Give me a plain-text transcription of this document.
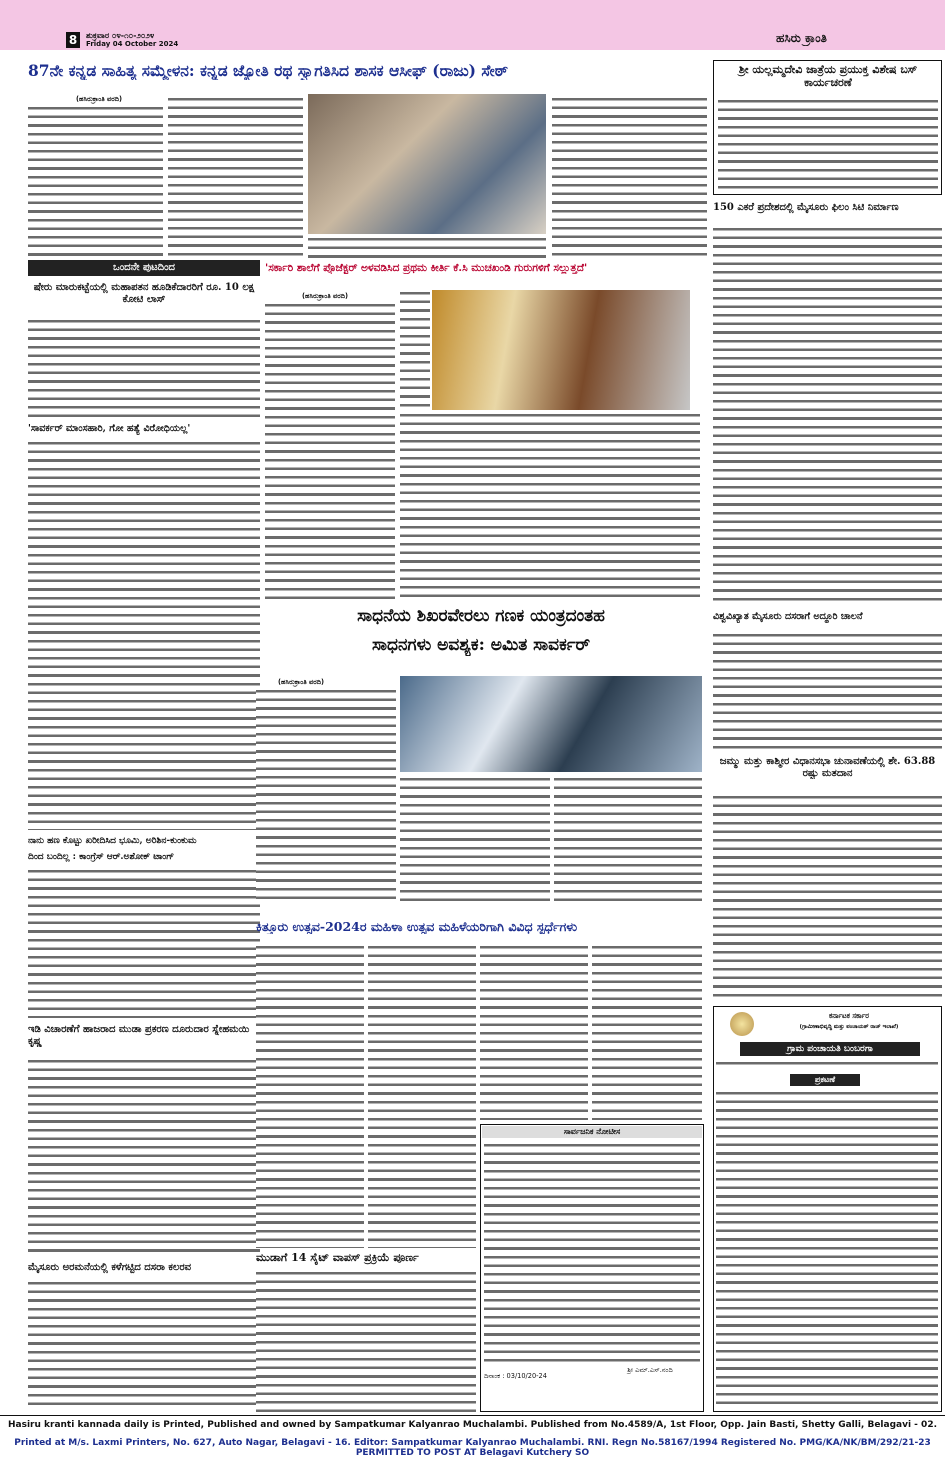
8	ಶುಕ್ರವಾರ ೦೪-೧೦-೨೦೨೪
Friday 04 October 2024	ಹಸಿರು ಕ್ರಾಂತಿ
87ನೇ ಕನ್ನಡ ಸಾಹಿತ್ಯ ಸಮ್ಮೇಳನ: ಕನ್ನಡ ಜ್ಯೋತಿ ರಥ ಸ್ವಾಗತಿಸಿದ ಶಾಸಕ ಆಸೀಫ್ (ರಾಜು) ಸೇಠ್
(ಹಸಿರುಕ್ರಾಂತಿ ವರದಿ)
ಶ್ರೀ ಯಲ್ಲಮ್ಮದೇವಿ ಜಾತ್ರೆಯ ಪ್ರಯುಕ್ತ ವಿಶೇಷ ಬಸ್ ಕಾರ್ಯಚರಣೆ
150 ಎಕರೆ ಪ್ರದೇಶದಲ್ಲಿ ಮೈಸೂರು ಫಿಲಂ ಸಿಟಿ ನಿರ್ಮಾಣ
ಒಂದನೇ ಪುಟದಿಂದ
ಷೇರು ಮಾರುಕಟ್ಟೆಯಲ್ಲಿ ಮಹಾಪತನ ಹೂಡಿಕೆದಾರರಿಗೆ ರೂ. 10 ಲಕ್ಷ ಕೋಟಿ ಲಾಸ್
'ಸಾವರ್ಕರ್ ಮಾಂಸಹಾರಿ, ಗೋ ಹತ್ಯೆ ವಿರೋಧಿಯಲ್ಲ'
ನಾನು ಹಣ ಕೊಟ್ಟು ಖರೀದಿಸಿದ ಭೂಮಿ, ಅರಿಶಿನ-ಕುಂಕುಮ
ದಿಂದ ಬಂದಿಲ್ಲ : ಕಾಂಗ್ರೆಸ್ ಆರ್.ಅಶೋಕ್ ಟಾಂಗ್
ಇಡಿ ವಿಚಾರಣೆಗೆ ಹಾಜರಾದ ಮುಡಾ ಪ್ರಕರಣ ದೂರುದಾರ ಸ್ನೇಹಮಯಿ ಕೃಷ್ಣ
ಮೈಸೂರು ಅರಮನೆಯಲ್ಲಿ ಕಳೆಗಟ್ಟಿದ ದಸರಾ ಕಲರವ
'ಸರ್ಕಾರಿ ಶಾಲೆಗೆ ಪ್ರೊಜೆಕ್ಟರ್ ಅಳವಡಿಸಿದ ಪ್ರಥಮ ಕೀರ್ತಿ ಕೆ.ಸಿ ಮುಚಖಂಡಿ ಗುರುಗಳಿಗೆ ಸಲ್ಲುತ್ತದೆ'
(ಹಸಿರುಕ್ರಾಂತಿ ವರದಿ)
ಸಾಧನೆಯ ಶಿಖರವೇರಲು ಗಣಕ ಯಂತ್ರದಂತಹ
ಸಾಧನಗಳು ಅವಶ್ಯಕ: ಅಮಿತ ಸಾವರ್ಕರ್
(ಹಸಿರುಕ್ರಾಂತಿ ವರದಿ)
ವಿಶ್ವವಿಖ್ಯಾತ ಮೈಸೂರು ದಸರಾಗೆ ಅದ್ಧೂರಿ ಚಾಲನೆ
ಜಮ್ಮು ಮತ್ತು ಕಾಶ್ಮೀರ ವಿಧಾನಸಭಾ ಚುನಾವಣೆಯಲ್ಲಿ ಶೇ. 63.88 ರಷ್ಟು ಮತದಾನ
ಕಿತ್ತೂರು ಉತ್ಸವ-2024ರ ಮಹಿಳಾ ಉತ್ಸವ ಮಹಿಳೆಯರಿಗಾಗಿ ವಿವಿಧ ಸ್ಪರ್ಧೆಗಳು
ಮುಡಾಗೆ 14 ಸೈಟ್ ವಾಪಸ್ ಪ್ರಕ್ರಿಯೆ ಪೂರ್ಣ
ಸಾರ್ವಜನಿಕ ನೋಟೀಸ
ದಿನಾಂಕ : 03/10/20-24
ಶ್ರೀ ಎಮ್.ಎಸ್.ನಂದಿ
ಕರ್ನಾಟಕ ಸರ್ಕಾರ
(ಗ್ರಾಮೀಣಾಭಿವೃದ್ಧಿ ಮತ್ತು ಪಂಚಾಯತ್ ರಾಜ್ ಇಲಾಖೆ)
ಗ್ರಾಮ ಪಂಚಾಯತಿ ಬಂಬರಗಾ
ಪ್ರಕಟಣೆ
Hasiru kranti kannada daily is Printed, Published and owned by Sampatkumar Kalyanrao Muchalambi. Published from No.4589/A, 1st Floor, Opp. Jain Basti, Shetty Galli, Belagavi - 02.
Printed at M/s. Laxmi Printers, No. 627, Auto Nagar, Belagavi - 16. Editor: Sampatkumar Kalyanrao Muchalambi. RNI. Regn No.58167/1994 Registered No. PMG/KA/NK/BM/292/21-23 PERMITTED TO POST AT Belagavi Kutchery SO
